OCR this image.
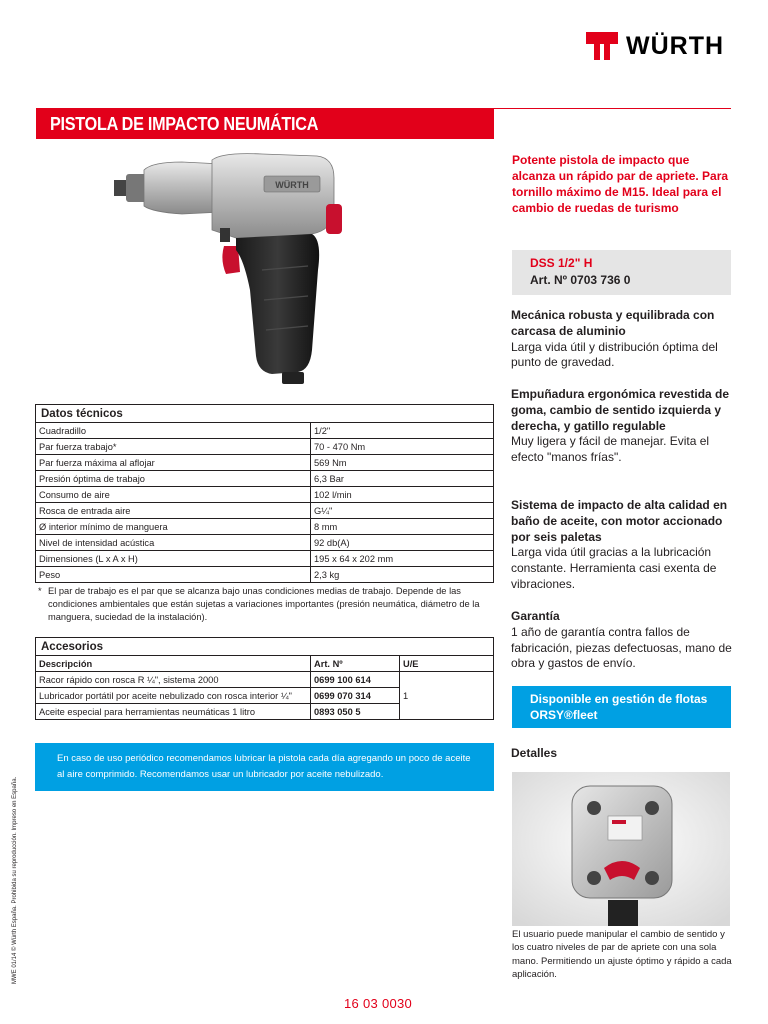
WÜRTH
PISTOLA DE IMPACTO NEUMÁTICA
WÜRTH
Datos técnicos	
Cuadradillo	1/2"
Par fuerza trabajo*	70 - 470 Nm
Par fuerza máxima al aflojar	569 Nm
Presión óptima de trabajo	6,3 Bar
Consumo de aire	102 l/min
Rosca de entrada aire	G¼"
Ø interior mínimo de manguera	8 mm
Nivel de intensidad acústica	92 db(A)
Dimensiones (L x A x H)	195 x 64 x 202 mm
Peso	2,3 kg
* El par de trabajo es el par que se alcanza bajo unas condiciones medias de trabajo. Depende de las condiciones ambientales que están sujetas a variaciones importantes (presión neumática, diámetro de la manguera, suciedad de la instalación).

Accesorios		
Descripción	Art. Nº	U/E
Racor rápido con rosca R ¼", sistema 2000	0699 100 614	1
Lubricador portátil por aceite nebulizado con rosca interior ¼"	0699 070 314	
Aceite especial para herramientas neumáticas 1 litro	0893 050 5	

En caso de uso periódico recomendamos lubricar la pistola cada día agregando un poco de aceite al aire comprimido. Recomendamos usar un lubricador por aceite nebulizado.

MWE 01/14 © Würth España. Prohibida su reproducción. Impreso en España.
Potente pistola de impacto que alcanza un rápido par de apriete. Para tornillo máximo de M15. Ideal para el cambio de ruedas de turismo
DSS 1/2" H
Art. Nº 0703 736 0
Mecánica robusta y equilibrada con carcasa de aluminio

Larga vida útil y distribución óptima del punto de gravedad.

Empuñadura ergonómica revestida de goma, cambio de sentido izquierda y derecha, y gatillo regulable

Muy ligera y fácil de manejar. Evita el efecto "manos frías".

Sistema de impacto de alta calidad en baño de aceite, con motor accionado por seis paletas

Larga vida útil gracias a la lubricación constante. Herramienta casi exenta de vibraciones.

Garantía

1 año de garantía contra fallos de fabricación, piezas defectuosas, mano de obra y gastos de envío.

Disponible en gestión de flotas ORSY®fleet
Detalles
El usuario puede manipular el cambio de sentido y los cuatro niveles de par de apriete con una sola mano. Permitiendo un ajuste óptimo y rápido a cada aplicación.
16 03 0030
